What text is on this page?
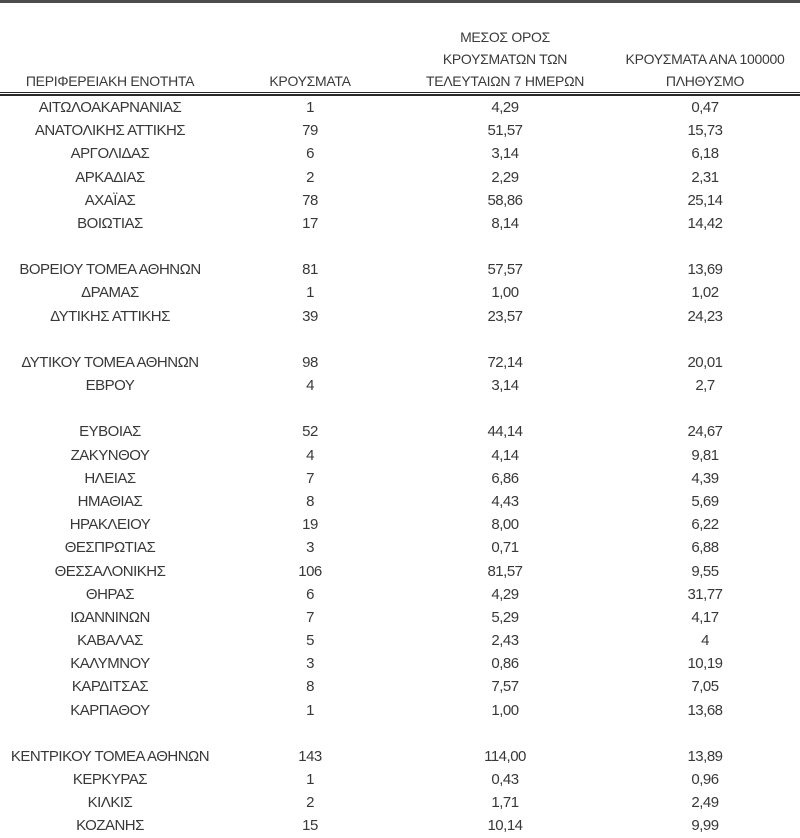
ΠΕΡΙΦΕΡΕΙΑΚΗ ΕΝΟΤΗΤΑ	ΚΡΟΥΣΜΑΤΑ
ΜΕΣΟΣ ΟΡΟΣ
ΚΡΟΥΣΜΑΤΩΝ ΤΩΝ
ΤΕΛΕΥΤΑΙΩΝ 7 ΗΜΕΡΩΝ
ΚΡΟΥΣΜΑΤΑ ΑΝΑ 100000
ΠΛΗΘΥΣΜΟ
ΑΙΤΩΛΟΑΚΑΡΝΑΝΙΑΣ	1	4,29	0,47
ΑΝΑΤΟΛΙΚΗΣ ΑΤΤΙΚΗΣ	79	51,57	15,73
ΑΡΓΟΛΙΔΑΣ	6	3,14	6,18
ΑΡΚΑΔΙΑΣ	2	2,29	2,31
ΑΧΑΪΑΣ	78	58,86	25,14
ΒΟΙΩΤΙΑΣ	17	8,14	14,42
ΒΟΡΕΙΟΥ ΤΟΜΕΑ ΑΘΗΝΩΝ	81	57,57	13,69
ΔΡΑΜΑΣ	1	1,00	1,02
ΔΥΤΙΚΗΣ ΑΤΤΙΚΗΣ	39	23,57	24,23
ΔΥΤΙΚΟΥ ΤΟΜΕΑ ΑΘΗΝΩΝ	98	72,14	20,01
ΕΒΡΟΥ	4	3,14	2,7
ΕΥΒΟΙΑΣ	52	44,14	24,67
ΖΑΚΥΝΘΟΥ	4	4,14	9,81
ΗΛΕΙΑΣ	7	6,86	4,39
ΗΜΑΘΙΑΣ	8	4,43	5,69
ΗΡΑΚΛΕΙΟΥ	19	8,00	6,22
ΘΕΣΠΡΩΤΙΑΣ	3	0,71	6,88
ΘΕΣΣΑΛΟΝΙΚΗΣ	106	81,57	9,55
ΘΗΡΑΣ	6	4,29	31,77
ΙΩΑΝΝΙΝΩΝ	7	5,29	4,17
ΚΑΒΑΛΑΣ	5	2,43	4
ΚΑΛΥΜΝΟΥ	3	0,86	10,19
ΚΑΡΔΙΤΣΑΣ	8	7,57	7,05
ΚΑΡΠΑΘΟΥ	1	1,00	13,68
ΚΕΝΤΡΙΚΟΥ ΤΟΜΕΑ ΑΘΗΝΩΝ	143	114,00	13,89
ΚΕΡΚΥΡΑΣ	1	0,43	0,96
ΚΙΛΚΙΣ	2	1,71	2,49
ΚΟΖΑΝΗΣ	15	10,14	9,99
